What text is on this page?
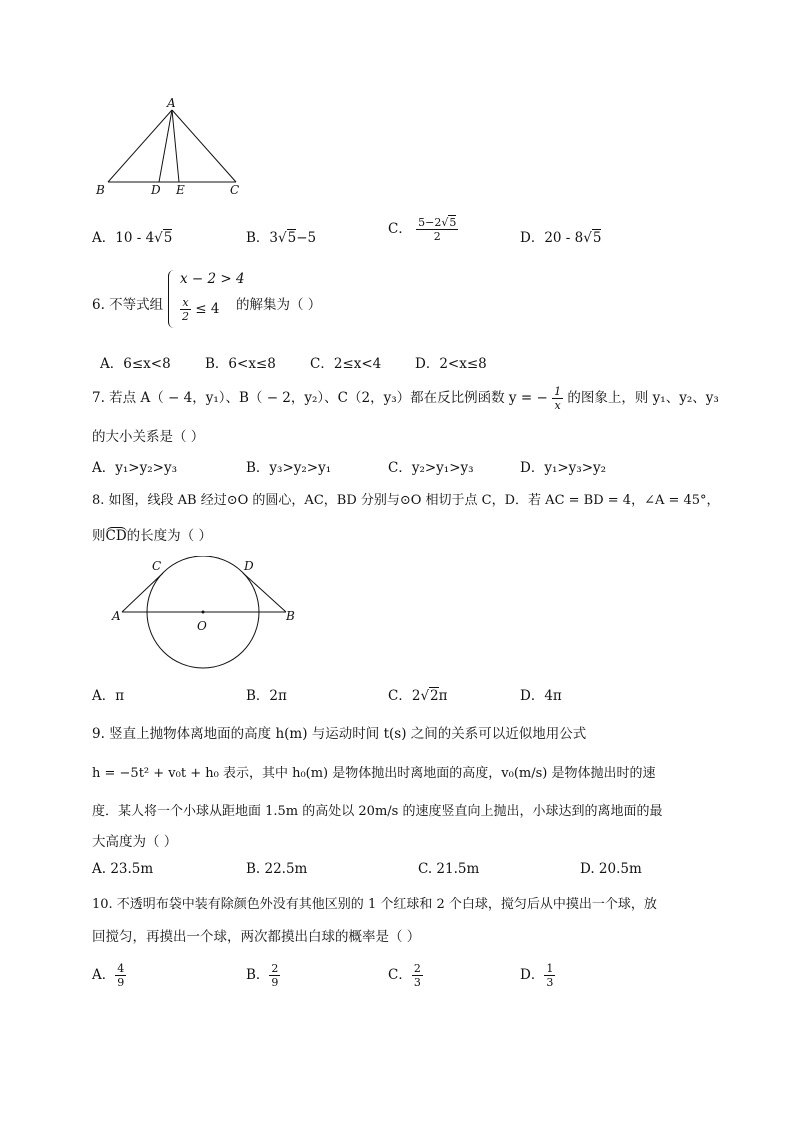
A
B	D E	C
A．10 - 4√5	B．3√5−5
C． $\frac{5-2√5}{2}$	D．20 - 8√5
6. 不等式组
x − 2 > 4
$\frac{x}{2} \le 4$ 的解集为（ ）
A．6≤x<8	B．6<x≤8	C．2≤x<4	D．2<x≤8
7. 若点 A（ − 4，y₁）、B（ − 2，y₂）、C（2，y₃）都在反比例函数 y = − $\frac{1}{x}$ 的图象上，则 y₁、y₂、y₃
的大小关系是（ ）
A．y₁>y₂>y₃	B．y₃>y₂>y₁	C．y₂>y₁>y₃	D．y₁>y₃>y₂
8. 如图，线段 AB 经过⊙O 的圆心，AC，BD 分别与⊙O 相切于点 C，D．若 AC = BD = 4，∠A = 45°，
则CD的长度为（ ）
A	B
C	D
O
A．π	B．2π	C．2√2π	D．4π
9. 竖直上抛物体离地面的高度 h(m) 与运动时间 t(s) 之间的关系可以近似地用公式
h = −5t² + v₀t + h₀ 表示，其中 h₀(m) 是物体抛出时离地面的高度，v₀(m/s) 是物体抛出时的速
度．某人将一个小球从距地面 1.5m 的高处以 20m/s 的速度竖直向上抛出，小球达到的离地面的最
大高度为（ ）
A. 23.5m	B. 22.5m	C. 21.5m	D. 20.5m
10. 不透明布袋中装有除颜色外没有其他区别的 1 个红球和 2 个白球，搅匀后从中摸出一个球，放
回搅匀，再摸出一个球，两次都摸出白球的概率是（ ）
A． $\frac{4}{9}$	B． $\frac{2}{9}$	C． $\frac{2}{3}$	D． $\frac{1}{3}$
